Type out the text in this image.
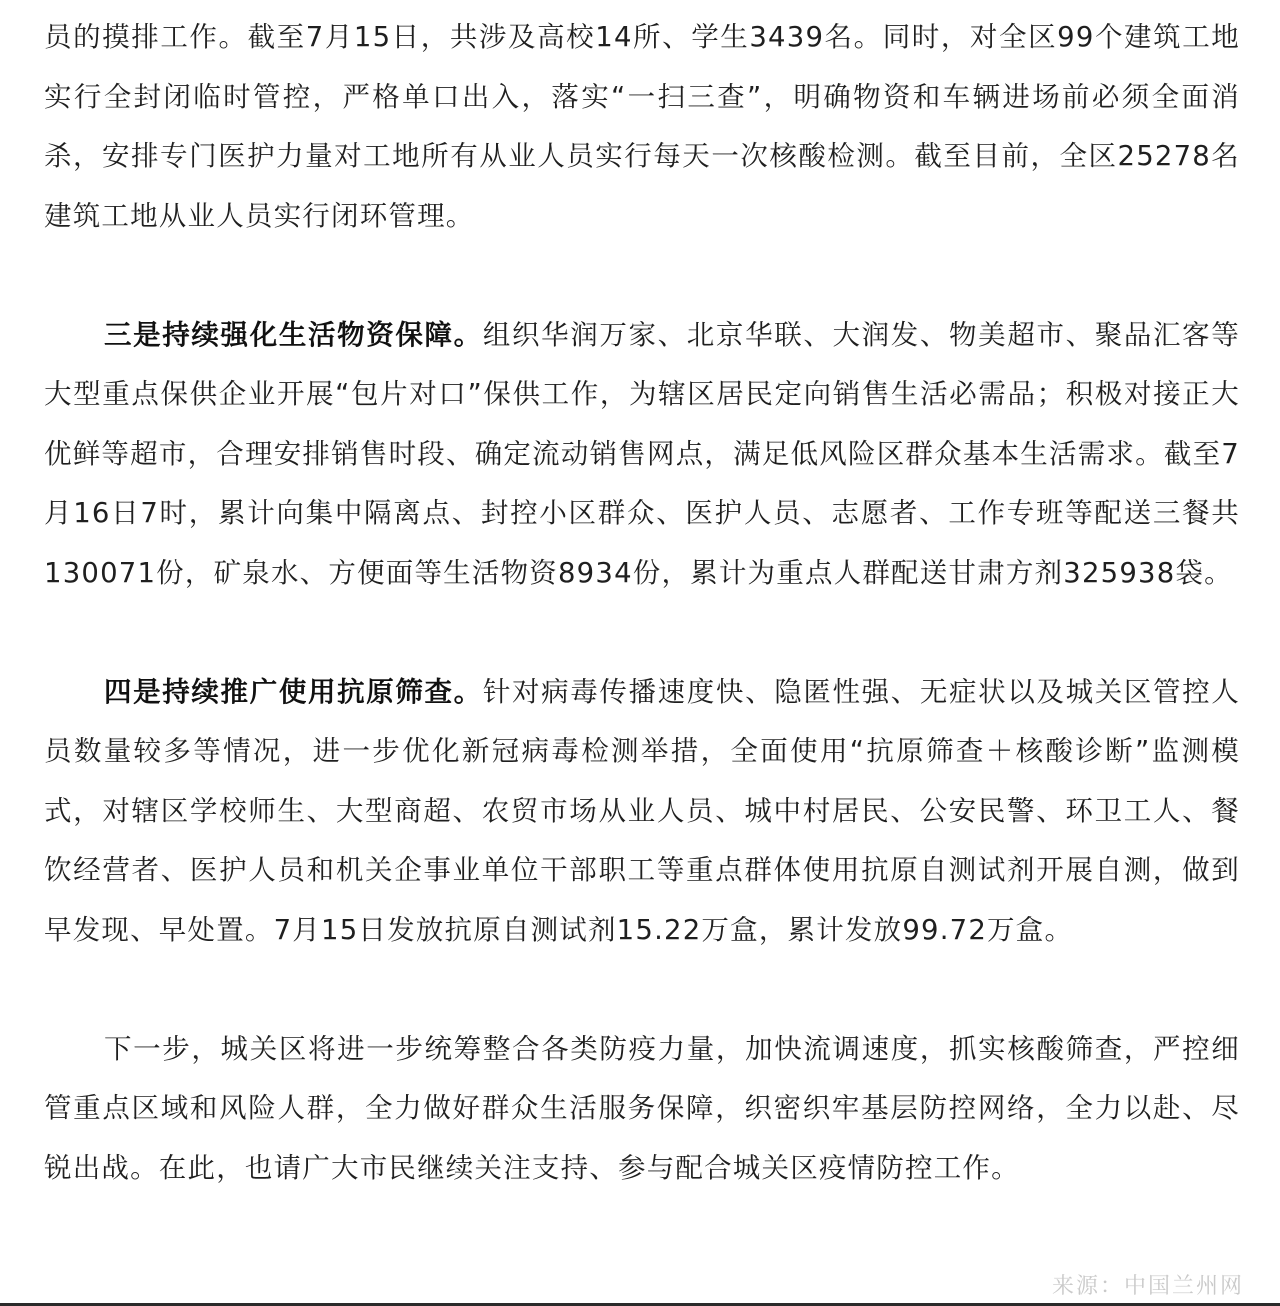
员的摸排工作。截至7月15日，共涉及高校14所、学生3439名。同时，对全区99个建筑工地实行全封闭临时管控，严格单口出入，落实“一扫三查”，明确物资和车辆进场前必须全面消杀，安排专门医护力量对工地所有从业人员实行每天一次核酸检测。截至目前，全区25278名建筑工地从业人员实行闭环管理。

三是持续强化生活物资保障。组织华润万家、北京华联、大润发、物美超市、聚品汇客等大型重点保供企业开展“包片对口”保供工作，为辖区居民定向销售生活必需品；积极对接正大优鲜等超市，合理安排销售时段、确定流动销售网点，满足低风险区群众基本生活需求。截至7月16日7时，累计向集中隔离点、封控小区群众、医护人员、志愿者、工作专班等配送三餐共130071份，矿泉水、方便面等生活物资8934份，累计为重点人群配送甘肃方剂325938袋。

四是持续推广使用抗原筛查。针对病毒传播速度快、隐匿性强、无症状以及城关区管控人员数量较多等情况，进一步优化新冠病毒检测举措，全面使用“抗原筛查＋核酸诊断”监测模式，对辖区学校师生、大型商超、农贸市场从业人员、城中村居民、公安民警、环卫工人、餐饮经营者、医护人员和机关企事业单位干部职工等重点群体使用抗原自测试剂开展自测，做到早发现、早处置。7月15日发放抗原自测试剂15.22万盒，累计发放99.72万盒。

下一步，城关区将进一步统筹整合各类防疫力量，加快流调速度，抓实核酸筛查，严控细管重点区域和风险人群，全力做好群众生活服务保障，织密织牢基层防控网络，全力以赴、尽锐出战。在此，也请广大市民继续关注支持、参与配合城关区疫情防控工作。

来源：中国兰州网
